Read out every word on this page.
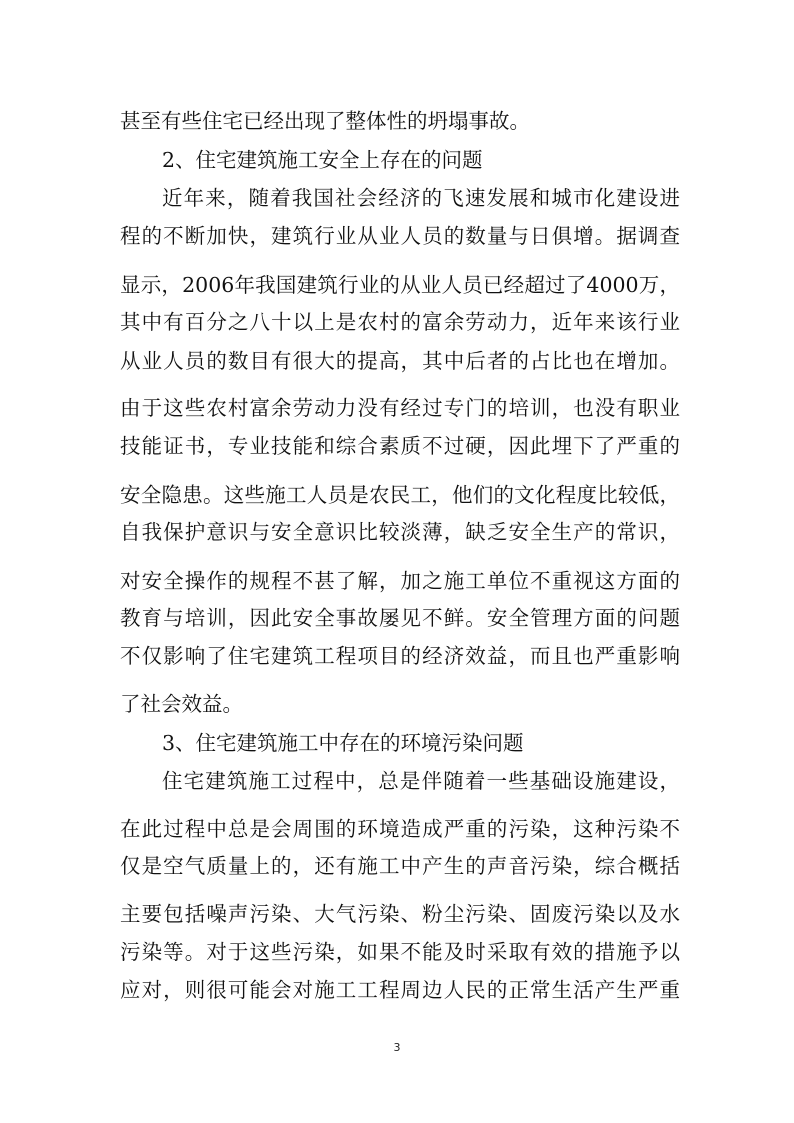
甚至有些住宅已经出现了整体性的坍塌事故。
2、住宅建筑施工安全上存在的问题
近年来，随着我国社会经济的飞速发展和城市化建设进
程的不断加快，建筑行业从业人员的数量与日俱增。据调查
显示，2006年我国建筑行业的从业人员已经超过了4000万，
其中有百分之八十以上是农村的富余劳动力，近年来该行业
从业人员的数目有很大的提高，其中后者的占比也在增加。
由于这些农村富余劳动力没有经过专门的培训，也没有职业
技能证书，专业技能和综合素质不过硬，因此埋下了严重的
安全隐患。这些施工人员是农民工，他们的文化程度比较低，
自我保护意识与安全意识比较淡薄，缺乏安全生产的常识，
对安全操作的规程不甚了解，加之施工单位不重视这方面的
教育与培训，因此安全事故屡见不鲜。安全管理方面的问题
不仅影响了住宅建筑工程项目的经济效益，而且也严重影响
了社会效益。
3、住宅建筑施工中存在的环境污染问题
住宅建筑施工过程中，总是伴随着一些基础设施建设，
在此过程中总是会周围的环境造成严重的污染，这种污染不
仅是空气质量上的，还有施工中产生的声音污染，综合概括
主要包括噪声污染、大气污染、粉尘污染、固废污染以及水
污染等。对于这些污染，如果不能及时采取有效的措施予以
应对，则很可能会对施工工程周边人民的正常生活产生严重
3
